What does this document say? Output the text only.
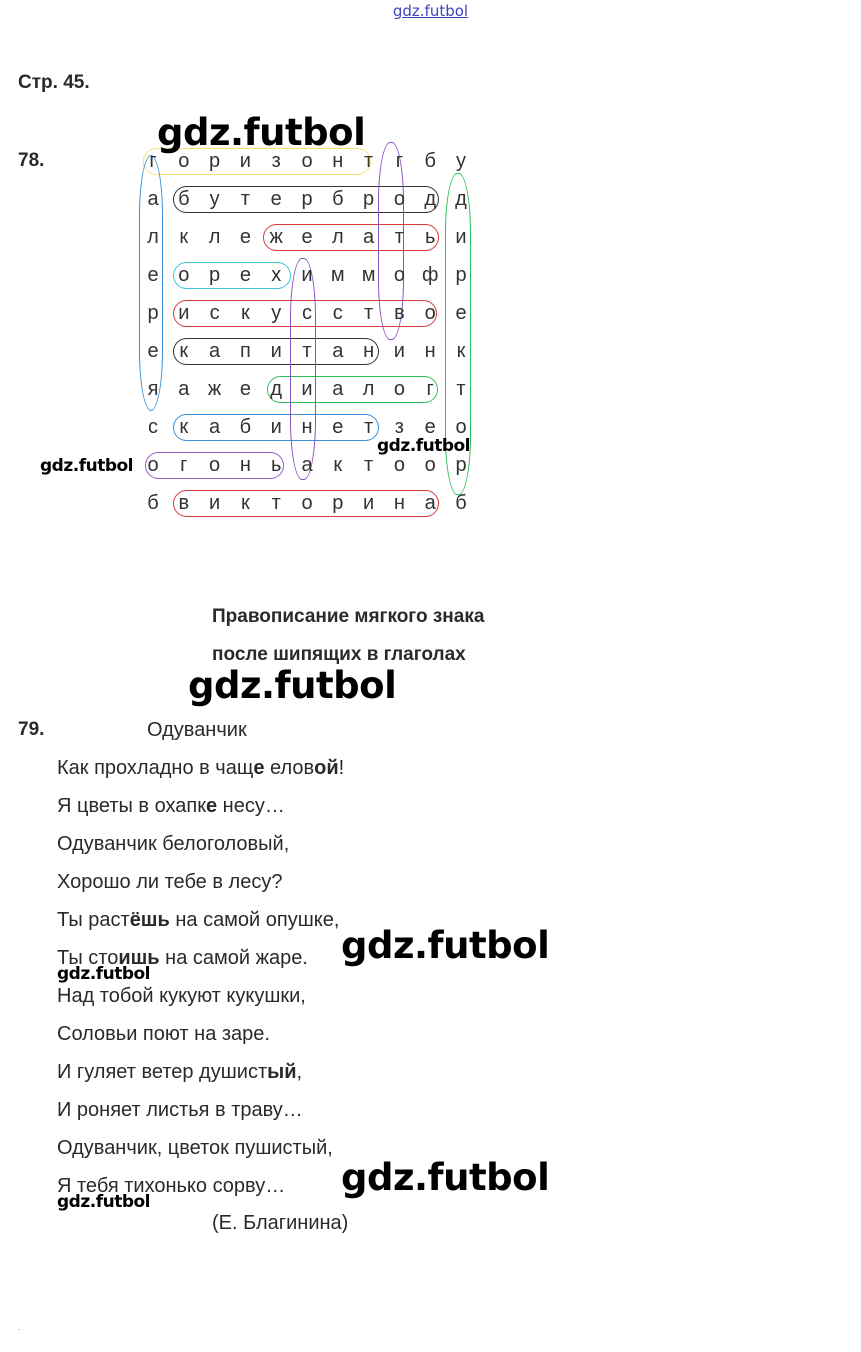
gdz.futbol
Стр. 45.
78.	г	о р и з о н т	г	б у
а б у т е р б р о д д
л к л е ж е л а т ь и
е о р е х и м м о ф р
р и с к у с с т в о е
е к а п и т а н и н к
я а ж е д и а л о	г	т
с к а б и н е т з е о
о	г	о н ь а к т о о р
б в и к т о р и н а б
Правописание мягкого знака
после шипящих в глаголах
79.	Одуванчик
Как прохладно в чаще еловой!
Я цветы в охапке несу…
Одуванчик белоголовый,
Хорошо ли тебе в лесу?
Ты растёшь на самой опушке,
Ты стоишь на самой жаре.
Над тобой кукуют кукушки,
Соловьи поют на заре.
И гуляет ветер душистый,
И роняет листья в траву…
Одуванчик, цветок пушистый,
Я тебя тихонько сорву…
(Е. Благинина)
gdz.futbol
gdz.futbol
gdz.futbol
gdz.futbol
gdz.futbol
gdz.futbol
gdz.futbol
gdz.futbol
.
